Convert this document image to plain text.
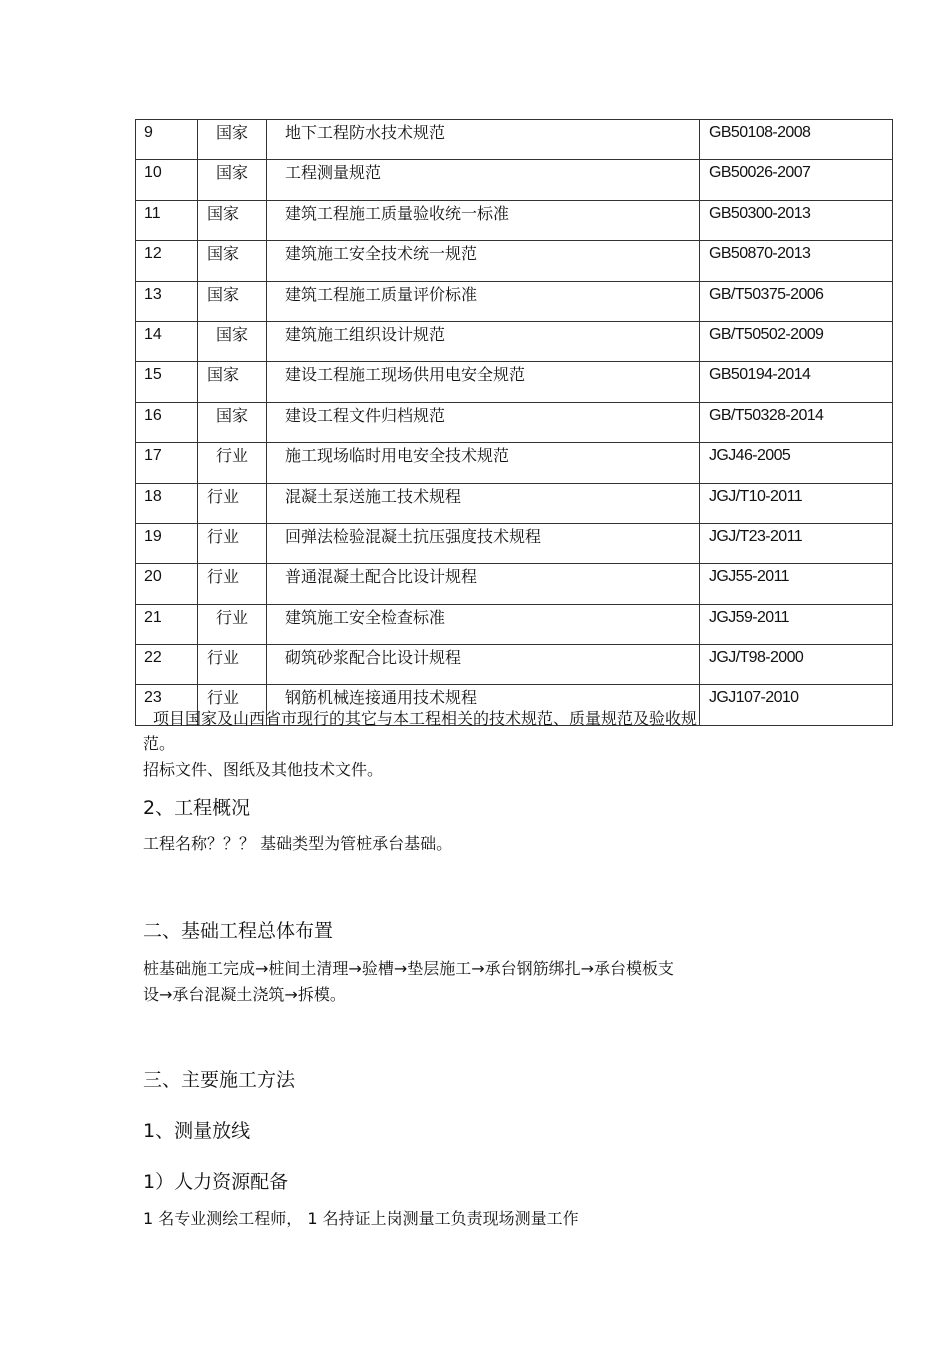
9	国家	地下工程防水技术规范	GB50108-2008
10	国家	工程测量规范	GB50026-2007
11	国家	建筑工程施工质量验收统一标准	GB50300-2013
12	国家	建筑施工安全技术统一规范	GB50870-2013
13	国家	建筑工程施工质量评价标准	GB/T50375-2006
14	国家	建筑施工组织设计规范	GB/T50502-2009
15	国家	建设工程施工现场供用电安全规范	GB50194-2014
16	国家	建设工程文件归档规范	GB/T50328-2014
17	行业	施工现场临时用电安全技术规范	JGJ46-2005
18	行业	混凝土泵送施工技术规程	JGJ/T10-2011
19	行业	回弹法检验混凝土抗压强度技术规程	JGJ/T23-2011
20	行业	普通混凝土配合比设计规程	JGJ55-2011
21	行业	建筑施工安全检查标准	JGJ59-2011
22	行业	砌筑砂浆配合比设计规程	JGJ/T98-2000
23	行业	钢筋机械连接通用技术规程	JGJ107-2010
项目国家及山西省市现行的其它与本工程相关的技术规范、质量规范及验收规
范。
招标文件、图纸及其他技术文件。
2、工程概况
工程名称？？？ 基础类型为管桩承台基础。
二、基础工程总体布置
桩基础施工完成→桩间土清理→验槽→垫层施工→承台钢筋绑扎→承台模板支
设→承台混凝土浇筑→拆模。
三、主要施工方法
1、测量放线
1）人力资源配备
1 名专业测绘工程师， 1 名持证上岗测量工负责现场测量工作
